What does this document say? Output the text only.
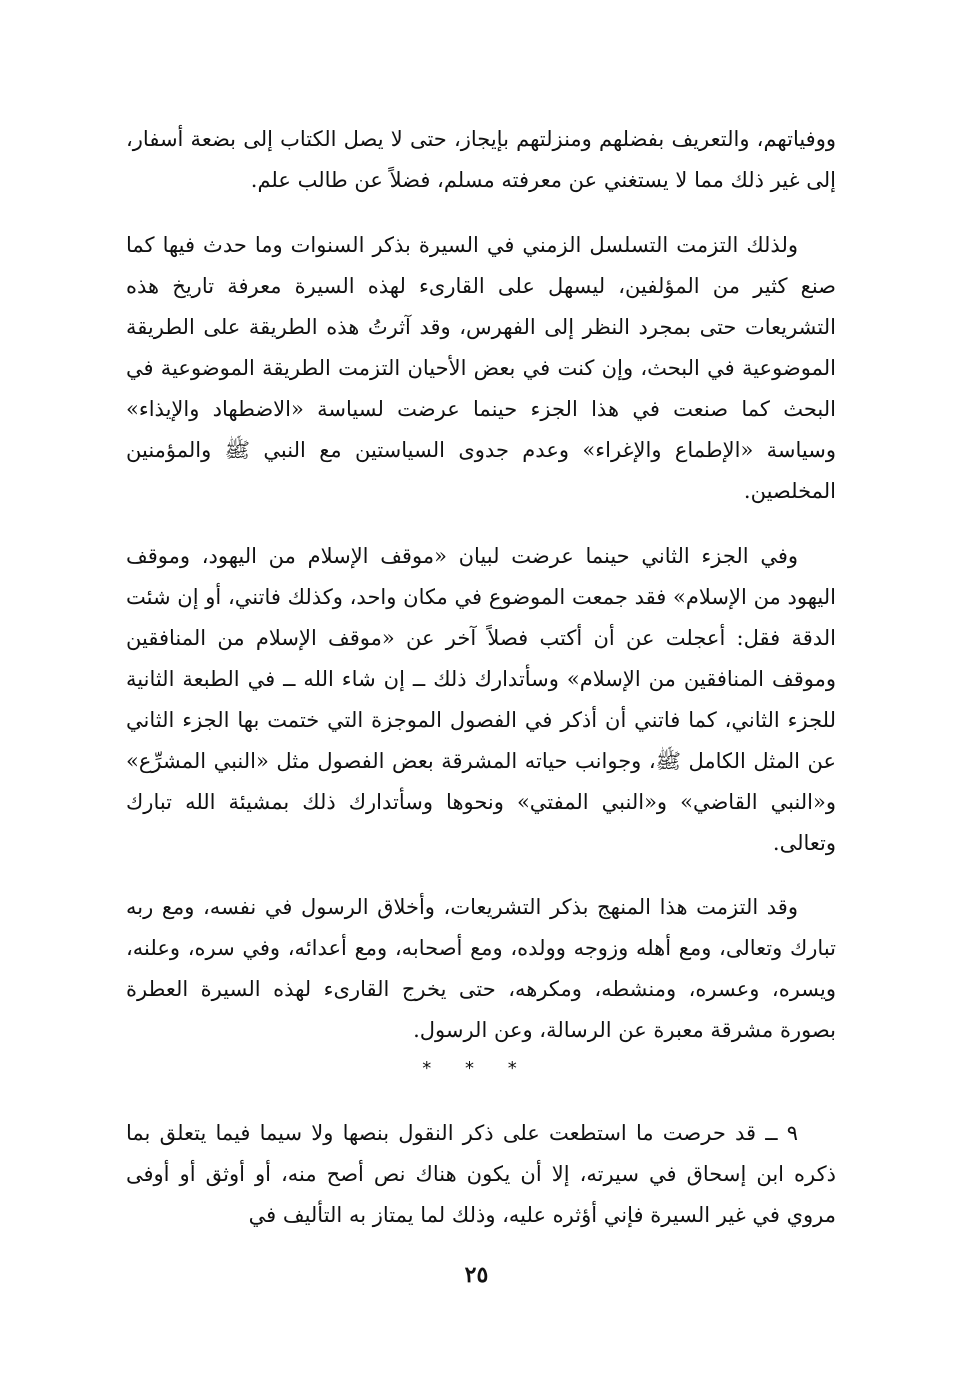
ووفياتهم، والتعريف بفضلهم ومنزلتهم بإيجاز، حتى لا يصل الكتاب إلى بضعة أسفار، إلى غير ذلك مما لا يستغني عن معرفته مسلم، فضلاً عن طالب علم.

ولذلك التزمت التسلسل الزمني في السيرة بذكر السنوات وما حدث فيها كما صنع كثير من المؤلفين، ليسهل على القارىء لهذه السيرة معرفة تاريخ هذه التشريعات حتى بمجرد النظر إلى الفهرس، وقد آثرتُ هذه الطريقة على الطريقة الموضوعية في البحث، وإن كنت في بعض الأحيان التزمت الطريقة الموضوعية في البحث كما صنعت في هذا الجزء حينما عرضت لسياسة «الاضطهاد والإيذاء» وسياسة «الإطماع والإغراء» وعدم جدوى السياستين مع النبي ﷺ والمؤمنين المخلصين.

وفي الجزء الثاني حينما عرضت لبيان «موقف الإسلام من اليهود، وموقف اليهود من الإسلام» فقد جمعت الموضوع في مكان واحد، وكذلك فاتني، أو إن شئت الدقة فقل: أعجلت عن أن أكتب فصلاً آخر عن «موقف الإسلام من المنافقين وموقف المنافقين من الإسلام» وسأتدارك ذلك ــ إن شاء الله ــ في الطبعة الثانية للجزء الثاني، كما فاتني أن أذكر في الفصول الموجزة التي ختمت بها الجزء الثاني عن المثل الكامل ﷺ، وجوانب حياته المشرقة بعض الفصول مثل «النبي المشرِّع» و«النبي القاضي» و«النبي المفتي» ونحوها وسأتدارك ذلك بمشيئة الله تبارك وتعالى.

وقد التزمت هذا المنهج بذكر التشريعات، وأخلاق الرسول في نفسه، ومع ربه تبارك وتعالى، ومع أهله وزوجه وولده، ومع أصحابه، ومع أعدائه، وفي سره، وعلنه، ويسره، وعسره، ومنشطه، ومكرهه، حتى يخرج القارىء لهذه السيرة العطرة بصورة مشرقة معبرة عن الرسالة، وعن الرسول.

* * *

٩ ــ قد حرصت ما استطعت على ذكر النقول بنصها ولا سيما فيما يتعلق بما ذكره ابن إسحاق في سيرته، إلا أن يكون هناك نص أصح منه، أو أوثق أو أوفى مروي في غير السيرة فإني أؤثره عليه، وذلك لما يمتاز به التأليف في

٢٥
